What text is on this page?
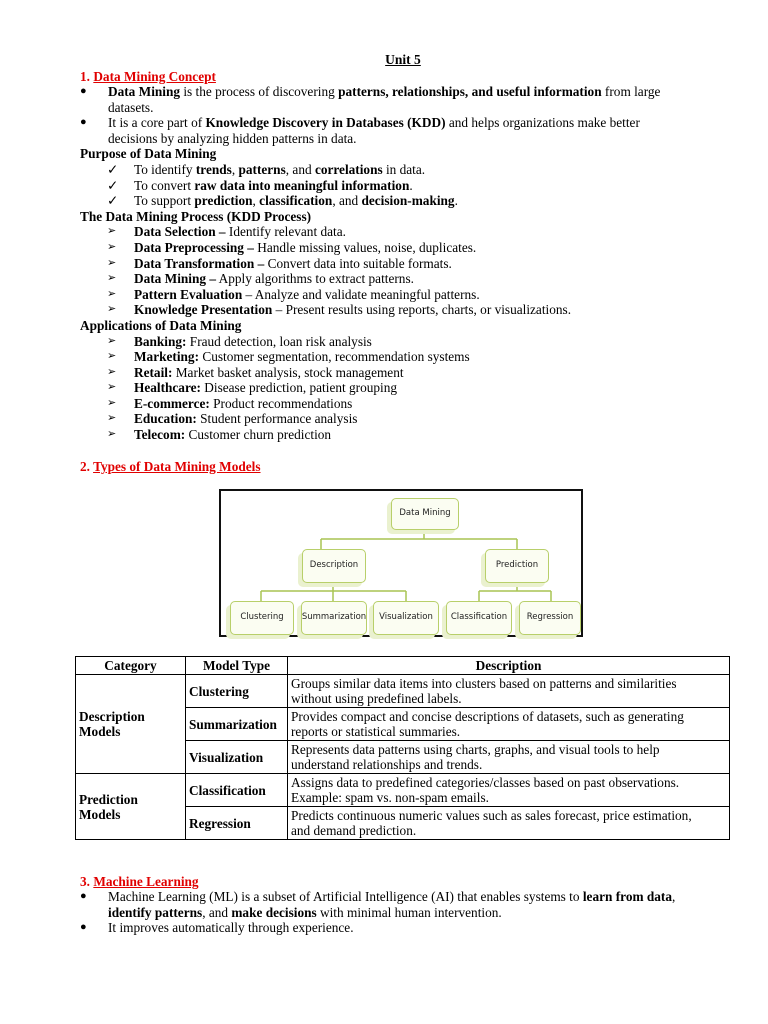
Unit 5
1. Data Mining Concept
● Data Mining is the process of discovering patterns, relationships, and useful information from large
datasets.
● It is a core part of Knowledge Discovery in Databases (KDD) and helps organizations make better
decisions by analyzing hidden patterns in data.
Purpose of Data Mining
✓ To identify trends, patterns, and correlations in data.
✓ To convert raw data into meaningful information.
✓ To support prediction, classification, and decision-making.
The Data Mining Process (KDD Process)
➢ Data Selection – Identify relevant data.
➢ Data Preprocessing – Handle missing values, noise, duplicates.
➢ Data Transformation – Convert data into suitable formats.
➢ Data Mining – Apply algorithms to extract patterns.
➢ Pattern Evaluation – Analyze and validate meaningful patterns.
➢ Knowledge Presentation – Present results using reports, charts, or visualizations.
Applications of Data Mining
➢ Banking: Fraud detection, loan risk analysis
➢ Marketing: Customer segmentation, recommendation systems
➢ Retail: Market basket analysis, stock management
➢ Healthcare: Disease prediction, patient grouping
➢ E-commerce: Product recommendations
➢ Education: Student performance analysis
➢ Telecom: Customer churn prediction
2. Types of Data Mining Models
Data Mining
Description	Prediction
Clustering	Summarization	Visualization	Classification	Regression
Category	Model Type	Description
Description
Models	Clustering	Groups similar data items into clusters based on patterns and similarities
without using predefined labels.
	Summarization	Provides compact and concise descriptions of datasets, such as generating
reports or statistical summaries.
	Visualization	Represents data patterns using charts, graphs, and visual tools to help
understand relationships and trends.
Prediction
Models	Classification	Assigns data to predefined categories/classes based on past observations.
Example: spam vs. non-spam emails.
	Regression	Predicts continuous numeric values such as sales forecast, price estimation,
and demand prediction.
3. Machine Learning
● Machine Learning (ML) is a subset of Artificial Intelligence (AI) that enables systems to learn from data,
identify patterns, and make decisions with minimal human intervention.
● It improves automatically through experience.
